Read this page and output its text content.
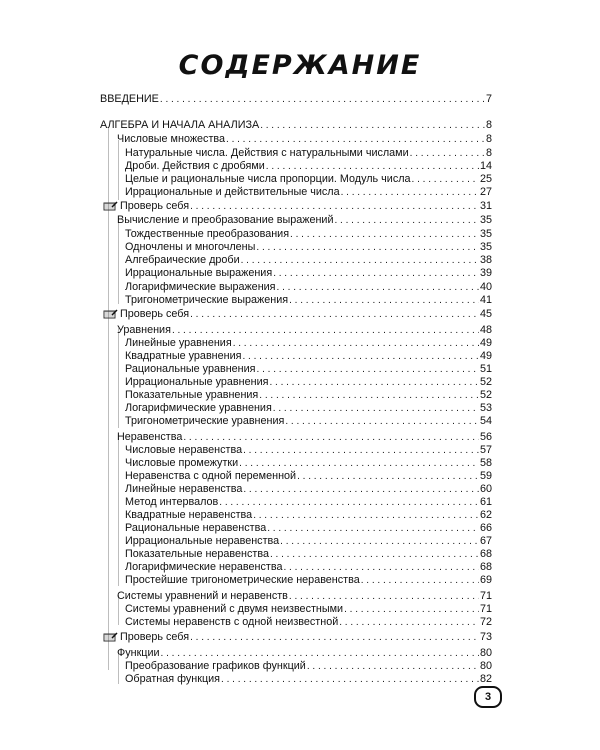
СОДЕРЖАНИЕ
ВВЕДЕНИЕ . . .	7
АЛГЕБРА И НАЧАЛА АНАЛИЗА . . .	8
Числовые множества . . .	8
Натуральные числа. Действия с натуральными числами . . .	8
Дроби. Действия с дробями . . .	14
Целые и рациональные числа пропорции. Модуль числа . . .	25
Иррациональные и действительные числа . . .	27
Проверь себя . . .	31
Вычисление и преобразование выражений . . .	35
Тождественные преобразования . . .	35
Одночлены и многочлены . . .	35
Алгебраические дроби . . .	38
Иррациональные выражения . . .	39
Логарифмические выражения . . .	40
Тригонометрические выражения . . .	41
Проверь себя . . .	45
Уравнения . . .	48
Линейные уравнения . . .	49
Квадратные уравнения . . .	49
Рациональные уравнения . . .	51
Иррациональные уравнения . . .	52
Показательные уравнения . . .	52
Логарифмические уравнения . . .	53
Тригонометрические уравнения . . .	54
Неравенства . . .	56
Числовые неравенства . . .	57
Числовые промежутки . . .	58
Неравенства с одной переменной . . .	59
Линейные неравенства . . .	60
Метод интервалов . . .	61
Квадратные неравенства . . .	62
Рациональные неравенства . . .	66
Иррациональные неравенства . . .	67
Показательные неравенства . . .	68
Логарифмические неравенства . . .	68
Простейшие тригонометрические неравенства . . .	69
Системы уравнений и неравенств . . .	71
Системы уравнений с двумя неизвестными . . .	71
Системы неравенств с одной неизвестной . . .	72
Проверь себя . . .	73
Функции . . .	80
Преобразование графиков функций . . .	80
Обратная функция . . .	82
3
